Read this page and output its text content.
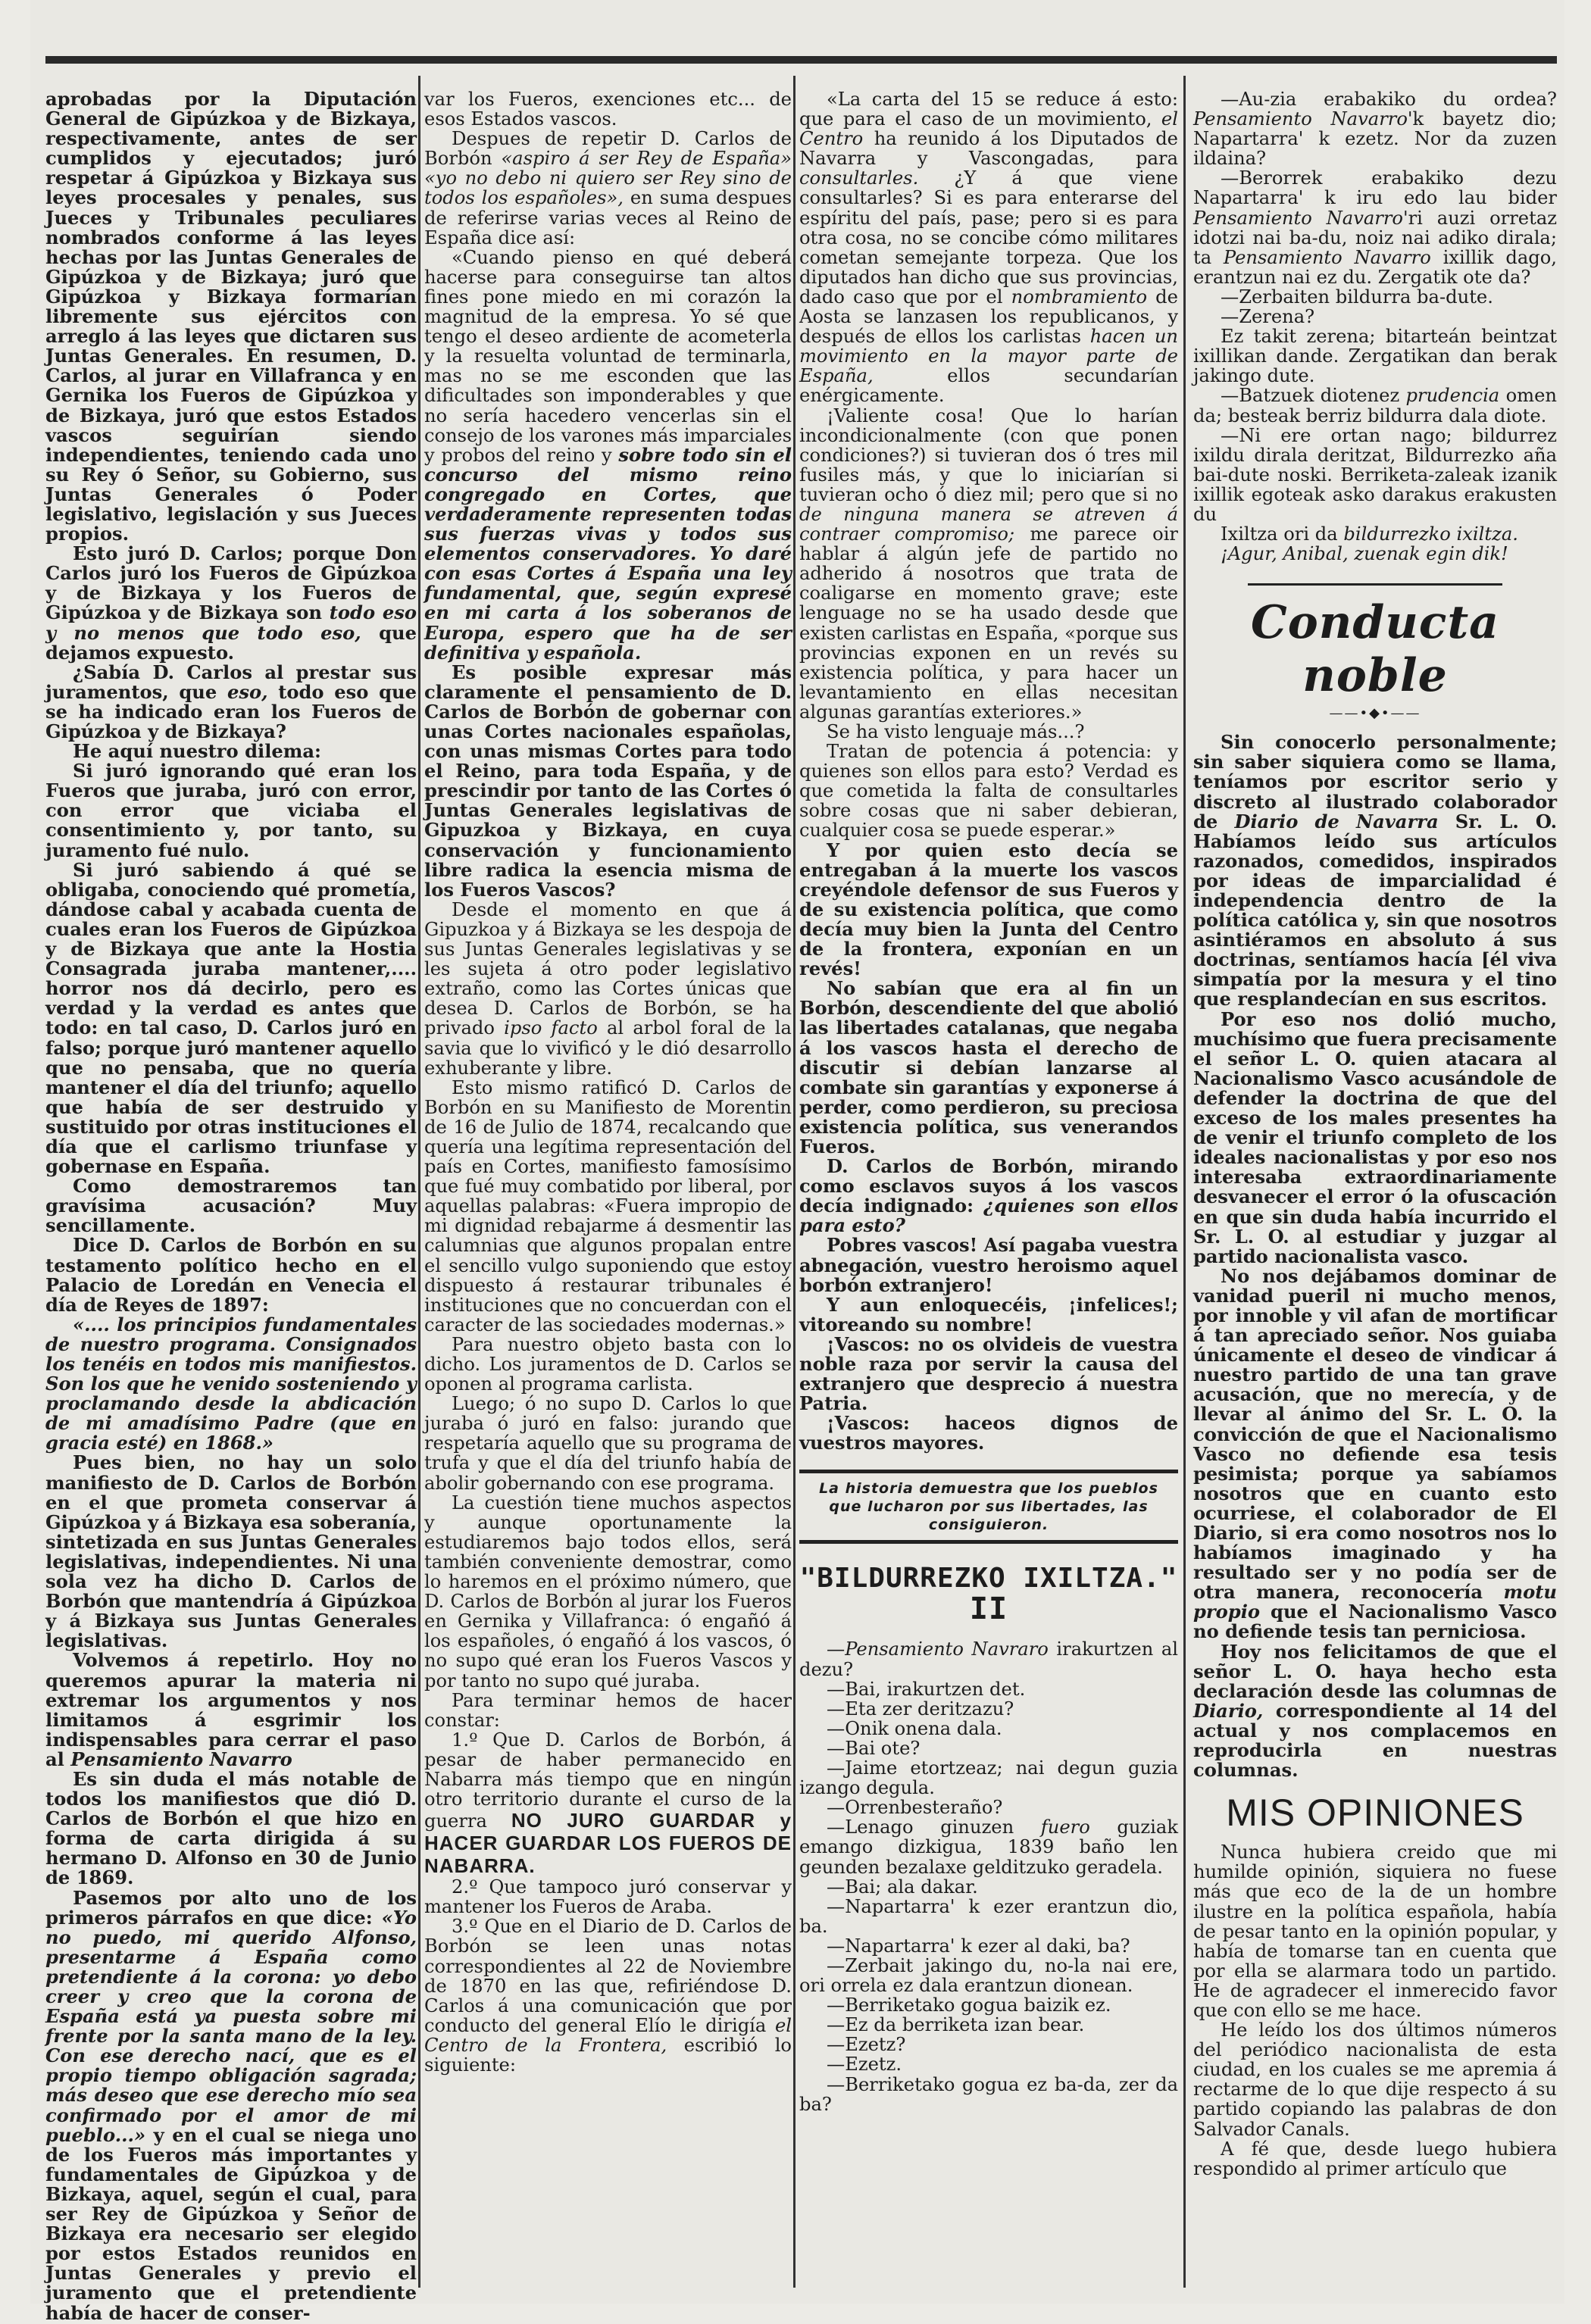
aprobadas por la Diputación General de Gipúzkoa y de Bizkaya, respectivamente, antes de ser cumplidos y ejecutados; juró respetar á Gipúzkoa y Bizkaya sus leyes procesales y penales, sus Jueces y Tribunales peculiares nombrados conforme á las leyes hechas por las Juntas Generales de Gipúzkoa y de Bizkaya; juró que Gipúzkoa y Bizkaya formarían libremente sus ejércitos con arreglo á las leyes que dictaren sus Juntas Generales. En resumen, D. Carlos, al jurar en Villafranca y en Gernika los Fueros de Gipúzkoa y de Bizkaya, juró que estos Estados vascos seguirían siendo independientes, teniendo cada uno su Rey ó Señor, su Gobierno, sus Juntas Generales ó Poder legislativo, legislación y sus Jueces propios.

Esto juró D. Carlos; porque Don Carlos juró los Fueros de Gipúzkoa y de Bizkaya y los Fueros de Gipúzkoa y de Bizkaya son todo eso y no menos que todo eso, que dejamos expuesto.

¿Sabía D. Carlos al prestar sus juramentos, que eso, todo eso que se ha indicado eran los Fueros de Gipúzkoa y de Bizkaya?

He aquí nuestro dilema:

Si juró ignorando qué eran los Fueros que juraba, juró con error, con error que viciaba el consentimiento y, por tanto, su juramento fué nulo.

Si juró sabiendo á qué se obligaba, conociendo qué prometía, dándose cabal y acabada cuenta de cuales eran los Fueros de Gipúzkoa y de Bizkaya que ante la Hostia Consagrada juraba mantener,.... horror nos dá decirlo, pero es verdad y la verdad es antes que todo: en tal caso, D. Carlos juró en falso; porque juró mantener aquello que no pensaba, que no quería mantener el día del triunfo; aquello que había de ser destruido y sustituido por otras instituciones el día que el carlismo triunfase y gobernase en España.

Como demostraremos tan gravísima acusación? Muy sencillamente.

Dice D. Carlos de Borbón en su testamento político hecho en el Palacio de Loredán en Venecia el día de Reyes de 1897:

«.... los principios fundamentales de nuestro programa. Consignados los tenéis en todos mis manifiestos. Son los que he venido sosteniendo y proclamando desde la abdicación de mi amadísimo Padre (que en gracia esté) en 1868.»

Pues bien, no hay un solo manifiesto de D. Carlos de Borbón en el que prometa conservar á Gipúzkoa y á Bizkaya esa soberanía, sintetizada en sus Juntas Generales legislativas, independientes. Ni una sola vez ha dicho D. Carlos de Borbón que mantendría á Gipúzkoa y á Bizkaya sus Juntas Generales legislativas.

Volvemos á repetirlo. Hoy no queremos apurar la materia ni extremar los argumentos y nos limitamos á esgrimir los indispensables para cerrar el paso al Pensamiento Navarro

Es sin duda el más notable de todos los manifiestos que dió D. Carlos de Borbón el que hizo en forma de carta dirigida á su hermano D. Alfonso en 30 de Junio de 1869.

Pasemos por alto uno de los primeros párrafos en que dice: «Yo no puedo, mi querido Alfonso, presentarme á España como pretendiente á la corona: yo debo creer y creo que la corona de España está ya puesta sobre mi frente por la santa mano de la ley. Con ese derecho nací, que es el propio tiempo obligación sagrada; más deseo que ese derecho mío sea confirmado por el amor de mi pueblo...» y en el cual se niega uno de los Fueros más importantes y fundamentales de Gipúzkoa y de Bizkaya, aquel, según el cual, para ser Rey de Gipúzkoa y Señor de Bizkaya era necesario ser elegido por estos Estados reunidos en Juntas Generales y previo el juramento que el pretendiente había de hacer de conser-

var los Fueros, exenciones etc... de esos Estados vascos.

Despues de repetir D. Carlos de Borbón «aspiro á ser Rey de España» «yo no debo ni quiero ser Rey sino de todos los españoles», en suma despues de referirse varias veces al Reino de España dice así:

«Cuando pienso en qué deberá hacerse para conseguirse tan altos fines pone miedo en mi corazón la magnitud de la empresa. Yo sé que tengo el deseo ardiente de acometerla y la resuelta voluntad de terminarla, mas no se me esconden que las dificultades son imponderables y que no sería hacedero vencerlas sin el consejo de los varones más imparciales y probos del reino y sobre todo sin el concurso del mismo reino congregado en Cortes, que verdaderamente representen todas sus fuerzas vivas y todos sus elementos conservadores. Yo daré con esas Cortes á España una ley fundamental, que, según expresé en mi carta á los soberanos de Europa, espero que ha de ser definitiva y española.

Es posible expresar más claramente el pensamiento de D. Carlos de Borbón de gobernar con unas Cortes nacionales españolas, con unas mismas Cortes para todo el Reino, para toda España, y de prescindir por tanto de las Cortes ó Juntas Generales legislativas de Gipuzkoa y Bizkaya, en cuya conservación y funcionamiento libre radica la esencia misma de los Fueros Vascos?

Desde el momento en que á Gipuzkoa y á Bizkaya se les despoja de sus Juntas Generales legislativas y se les sujeta á otro poder legislativo extraño, como las Cortes únicas que desea D. Carlos de Borbón, se ha privado ipso facto al arbol foral de la savia que lo vivificó y le dió desarrollo exhuberante y libre.

Esto mismo ratificó D. Carlos de Borbón en su Manifiesto de Morentin de 16 de Julio de 1874, recalcando que quería una legítima representación del país en Cortes, manifiesto famosísimo que fué muy combatido por liberal, por aquellas palabras: «Fuera impropio de mi dignidad rebajarme á desmentir las calumnias que algunos propalan entre el sencillo vulgo suponiendo que estoy dispuesto á restaurar tribunales é instituciones que no concuerdan con el caracter de las sociedades modernas.»

Para nuestro objeto basta con lo dicho. Los juramentos de D. Carlos se oponen al programa carlista.

Luego; ó no supo D. Carlos lo que juraba ó juró en falso: jurando que respetaría aquello que su programa de trufa y que el día del triunfo había de abolir gobernando con ese programa.

La cuestión tiene muchos aspectos y aunque oportunamente la estudiaremos bajo todos ellos, será también conveniente demostrar, como lo haremos en el próximo número, que D. Carlos de Borbón al jurar los Fueros en Gernika y Villafranca: ó engañó á los españoles, ó engañó á los vascos, ó no supo qué eran los Fueros Vascos y por tanto no supo qué juraba.

Para terminar hemos de hacer constar:

1.º Que D. Carlos de Borbón, á pesar de haber permanecido en Nabarra más tiempo que en ningún otro territorio durante el curso de la guerra NO JURO GUARDAR y HACER GUARDAR LOS FUEROS DE NABARRA.

2.º Que tampoco juró conservar y mantener los Fueros de Araba.

3.º Que en el Diario de D. Carlos de Borbón se leen unas notas correspondientes al 22 de Noviembre de 1870 en las que, refiriéndose D. Carlos á una comunicación que por conducto del general Elío le dirigía el Centro de la Frontera, escribió lo siguiente:

«La carta del 15 se reduce á esto: que para el caso de un movimiento, el Centro ha reunido á los Diputados de Navarra y Vascongadas, para consultarles. ¿Y á que viene consultarles? Si es para enterarse del espíritu del país, pase; pero si es para otra cosa, no se concibe cómo militares cometan semejante torpeza. Que los diputados han dicho que sus provincias, dado caso que por el nombramiento de Aosta se lanzasen los republicanos, y después de ellos los carlistas hacen un movimiento en la mayor parte de España,	ellos secundarían enérgicamente.

¡Valiente cosa! Que lo harían incondicionalmente (con que ponen condiciones?) si tuvieran dos ó tres mil fusiles más, y que lo iniciarían si tuvieran ocho ó diez mil; pero que si no de ninguna manera se atreven á contraer compromiso; me parece oir hablar á algún jefe de partido no adherido á nosotros que trata de coaligarse en momento grave; este lenguage no se ha usado desde que existen carlistas en España, «porque sus provincias exponen en un revés su existencia política, y para hacer un levantamiento en ellas necesitan algunas garantías exteriores.»

Se ha visto lenguaje más...?

Tratan de potencia á potencia: y quienes son ellos para esto? Verdad es que cometida la falta de consultarles sobre cosas que ni saber debieran, cualquier cosa se puede esperar.»

Y por quien esto decía se entregaban á la muerte los vascos creyéndole defensor de sus Fueros y de su existencia política, que como decía muy bien la Junta del Centro de la frontera, exponían en un revés!

No sabían que era al fin un Borbón, descendiente del que abolió las libertades catalanas, que negaba á los vascos hasta el derecho de discutir si debían lanzarse al combate sin garantías y exponerse á perder, como perdieron, su preciosa existencia política, sus venerandos Fueros.

D. Carlos de Borbón, mirando como esclavos suyos á los vascos decía indignado: ¿quienes son ellos para esto?

Pobres vascos! Así pagaba vuestra abnegación, vuestro heroismo aquel borbón extranjero!

Y aun enloquecéis, ¡infelices!; vitoreando su nombre!

¡Vascos: no os olvideis de vuestra noble raza por servir la causa del extranjero que desprecio á nuestra Patria.

¡Vascos: haceos dignos de vuestros mayores.

La historia demuestra que los pueblos que lucharon por sus libertades, las consiguieron.
"BILDURREZKO IXILTZA." II

—Pensamiento Navraro irakurtzen al dezu?

—Bai, irakurtzen det.

—Eta zer deritzazu?

—Onik onena dala.

—Bai ote?

—Jaime etortzeaz; nai degun guzia izango degula.

—Orrenbesteraño?

—Lenago ginuzen fuero guziak emango dizkigua, 1839 baño len geunden bezalaxe gelditzuko geradela.

—Bai; ala dakar.

—Napartarra' k ezer erantzun dio, ba.

—Napartarra' k ezer al daki, ba?

—Zerbait jakingo du, no-la nai ere, ori orrela ez dala erantzun dionean.

—Berriketako gogua baizik ez.

—Ez da berriketa izan bear.

—Ezetz?

—Ezetz.

—Berriketako gogua ez ba-da, zer da ba?

—Au-zia erabakiko du ordea? Pensamiento Navarro'k bayetz dio; Napartarra' k ezetz. Nor da zuzen ildaina?

—Berorrek erabakiko dezu Napartarra' k iru edo lau bider Pensamiento Navarro'ri auzi orretaz idotzi nai ba-du, noiz nai adiko dirala; ta Pensamiento Navarro ixillik dago, erantzun nai ez du. Zergatik ote da?

—Zerbaiten bildurra ba-dute.

—Zerena?

Ez takit zerena; bitarteán beintzat ixillikan dande. Zergatikan dan berak jakingo dute.

—Batzuek diotenez prudencia omen da; besteak berriz bildurra dala diote.

—Ni ere ortan nago; bildurrez ixildu dirala deritzat, Bildurrezko aña bai-dute noski. Berriketa-zaleak izanik ixillik egoteak asko darakus erakusten du

Ixiltza ori da bildurrezko ixiltza.

¡Agur, Anibal, zuenak egin dik!

Conducta noble
——•◆•——

Sin conocerlo personalmente; sin saber siquiera como se llama, teníamos por escritor serio y discreto al ilustrado colaborador de Diario de Navarra Sr. L. O. Habíamos leído sus artículos razonados, comedidos, inspirados por ideas de imparcialidad é independencia dentro de la política católica y, sin que nosotros asintiéramos en absoluto á sus doctrinas, sentíamos hacía [él viva simpatía por la mesura y el tino que resplandecían en sus escritos.

Por eso nos dolió mucho, muchísimo que fuera precisamente el señor L. O. quien atacara al Nacionalismo Vasco acusándole de defender la doctrina de que del exceso de los males presentes ha de venir el triunfo completo de los ideales nacionalistas y por eso nos interesaba extraordinariamente desvanecer el error ó la ofuscación en que sin duda había incurrido el Sr. L. O. al estudiar y juzgar al partido nacionalista vasco.

No nos dejábamos dominar de vanidad pueril ni mucho menos, por innoble y vil afan de mortificar á tan apreciado señor. Nos guiaba únicamente el deseo de vindicar á nuestro partido de una tan grave acusación, que no merecía, y de llevar al ánimo del Sr. L. O. la convicción de que el Nacionalismo Vasco no defiende esa tesis pesimista; porque ya sabíamos nosotros que en cuanto esto ocurriese, el colaborador de El Diario, si era como nosotros nos lo habíamos imaginado y ha resultado ser y no podía ser de otra manera, reconocería motu propio que el Nacionalismo Vasco no defiende tesis tan perniciosa.

Hoy nos felicitamos de que el señor L. O. haya hecho esta declaración desde las columnas de Diario, correspondiente al 14 del actual y nos complacemos en reproducirla en nuestras columnas.

MIS OPINIONES

Nunca hubiera creido que mi humilde opinión, siquiera no fuese más que eco de la de un hombre ilustre en la política española, había de pesar tanto en la opinión popular, y había de tomarse tan en cuenta que por ella se alarmara todo un partido. He de agradecer el inmerecido favor que con ello se me hace.

He leído los dos últimos números del periódico nacionalista de esta ciudad, en los cuales se me apremia á rectarme de lo que dije respecto á su partido copiando las palabras de don Salvador Canals.

A fé que, desde luego hubiera respondido al primer artículo que
